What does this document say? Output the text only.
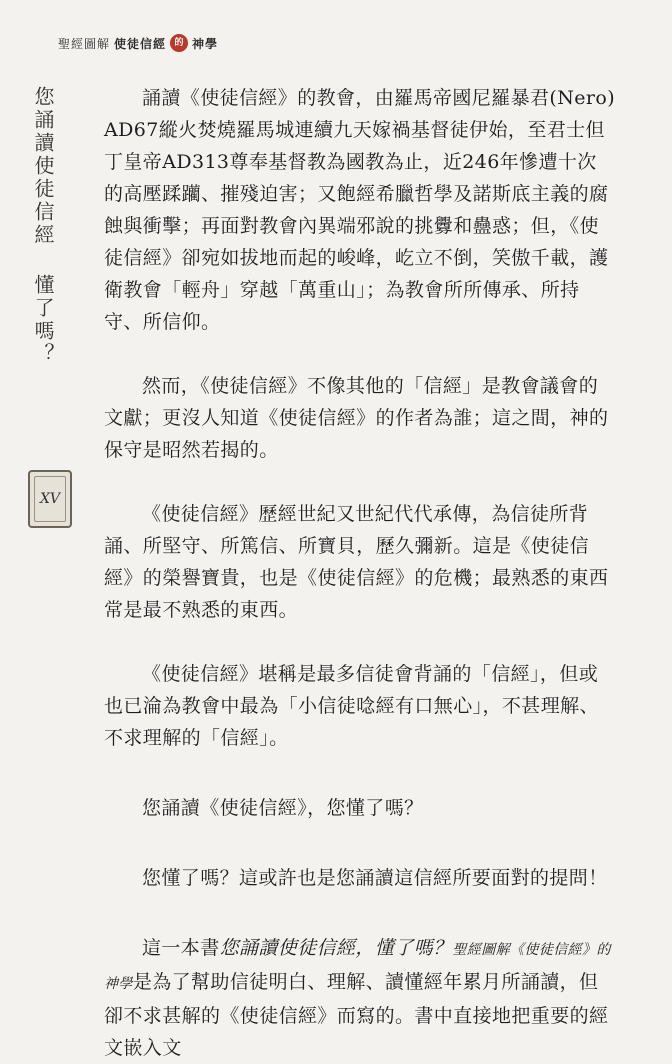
聖經圖解 使徒信經 的 神學
您誦讀使徒信經 懂了嗎？
XV

誦讀《使徒信經》的教會，由羅馬帝國尼羅暴君(Nero) AD67縱火焚燒羅馬城連續九天嫁禍基督徒伊始，至君士但丁皇帝AD313尊奉基督教為國教為止，近246年慘遭十次的高壓蹂躪、摧殘迫害；又飽經希臘哲學及諾斯底主義的腐蝕與衝擊；再面對教會內異端邪說的挑釁和蠱惑；但，《使徒信經》卻宛如拔地而起的峻峰，屹立不倒，笑傲千載，護衛教會「輕舟」穿越「萬重山」；為教會所所傳承、所持守、所信仰。

然而，《使徒信經》不像其他的「信經」是教會議會的文獻；更沒人知道《使徒信經》的作者為誰；這之間，神的保守是昭然若揭的。

《使徒信經》歷經世紀又世紀代代承傳，為信徒所背誦、所堅守、所篤信、所寶貝，歷久彌新。這是《使徒信經》的榮譽寶貴，也是《使徒信經》的危機；最熟悉的東西常是最不熟悉的東西。

《使徒信經》堪稱是最多信徒會背誦的「信經」，但或也已淪為教會中最為「小信徒唸經有口無心」，不甚理解、不求理解的「信經」。

您誦讀《使徒信經》，您懂了嗎？

您懂了嗎？這或許也是您誦讀這信經所要面對的提問！

這一本書您誦讀使徒信經，懂了嗎？聖經圖解《使徒信經》的神學是為了幫助信徒明白、理解、讀懂經年累月所誦讀，但卻不求甚解的《使徒信經》而寫的。書中直接地把重要的經文嵌入文
